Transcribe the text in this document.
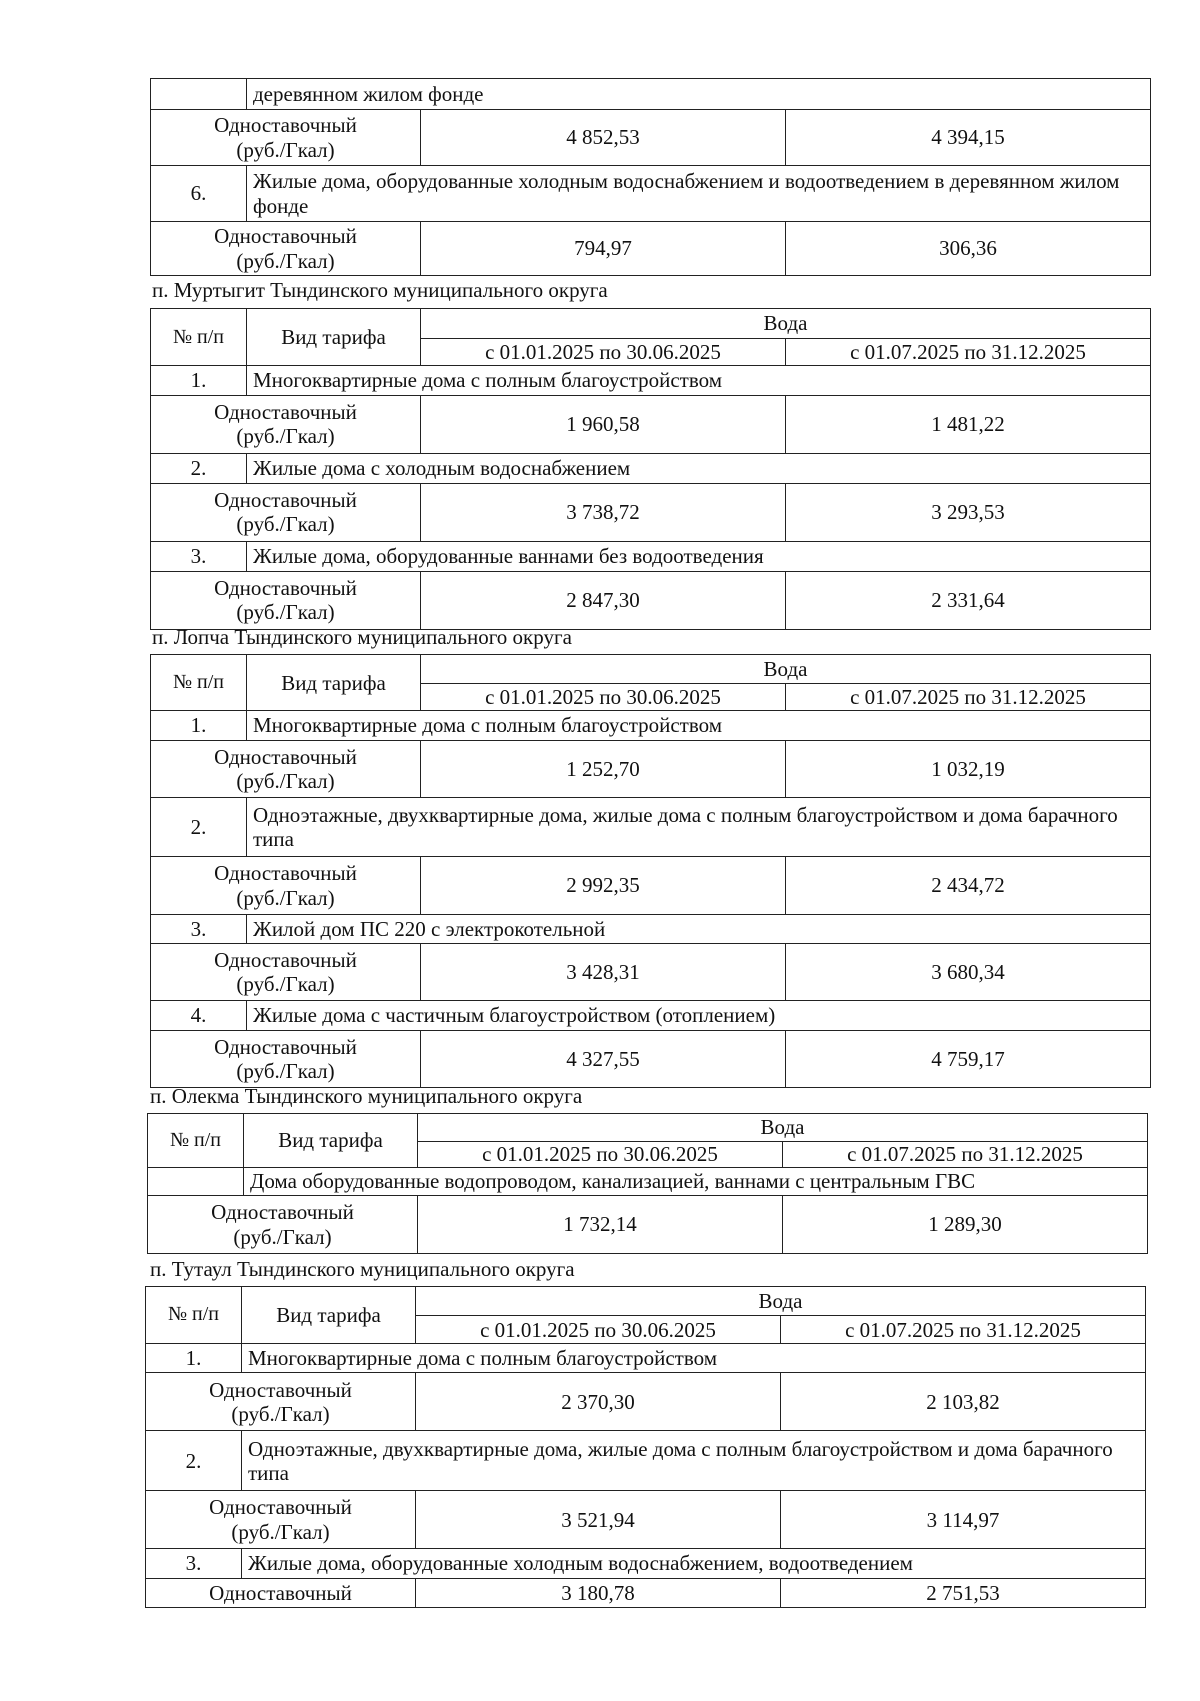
	деревянном жилом фонде		
Одноставочный
(руб./Гкал)		4 852,53	4 394,15
6.	Жилые дома, оборудованные холодным водоснабжением и водоотведением в деревянном жилом фонде		
Одноставочный
(руб./Гкал)		794,97	306,36
п. Муртыгит Тындинского муниципального округа
№ п/п	Вид тарифа	Вода	
		с 01.01.2025 по 30.06.2025	с 01.07.2025 по 31.12.2025
1.	Многоквартирные дома с полным благоустройством		
Одноставочный
(руб./Гкал)		1 960,58	1 481,22
2.	Жилые дома с холодным водоснабжением		
Одноставочный
(руб./Гкал)		3 738,72	3 293,53
3.	Жилые дома, оборудованные ваннами без водоотведения		
Одноставочный
(руб./Гкал)		2 847,30	2 331,64
п. Лопча Тындинского муниципального округа
№ п/п	Вид тарифа	Вода	
		с 01.01.2025 по 30.06.2025	с 01.07.2025 по 31.12.2025
1.	Многоквартирные дома с полным благоустройством		
Одноставочный
(руб./Гкал)		1 252,70	1 032,19
2.	Одноэтажные, двухквартирные дома, жилые дома с полным благоустройством и дома барачного типа		
Одноставочный
(руб./Гкал)		2 992,35	2 434,72
3.	Жилой дом ПС 220 с электрокотельной		
Одноставочный
(руб./Гкал)		3 428,31	3 680,34
4.	Жилые дома с частичным благоустройством (отоплением)		
Одноставочный
(руб./Гкал)		4 327,55	4 759,17
п. Олекма Тындинского муниципального округа
№ п/п	Вид тарифа	Вода	
		с 01.01.2025 по 30.06.2025	с 01.07.2025 по 31.12.2025
	Дома оборудованные водопроводом, канализацией, ваннами с центральным ГВС		
Одноставочный
(руб./Гкал)		1 732,14	1 289,30
п. Тутаул Тындинского муниципального округа
№ п/п	Вид тарифа	Вода	
		с 01.01.2025 по 30.06.2025	с 01.07.2025 по 31.12.2025
1.	Многоквартирные дома с полным благоустройством		
Одноставочный
(руб./Гкал)		2 370,30	2 103,82
2.	Одноэтажные, двухквартирные дома, жилые дома с полным благоустройством и дома барачного типа		
Одноставочный
(руб./Гкал)		3 521,94	3 114,97
3.	Жилые дома, оборудованные холодным водоснабжением, водоотведением		
Одноставочный		3 180,78	2 751,53
